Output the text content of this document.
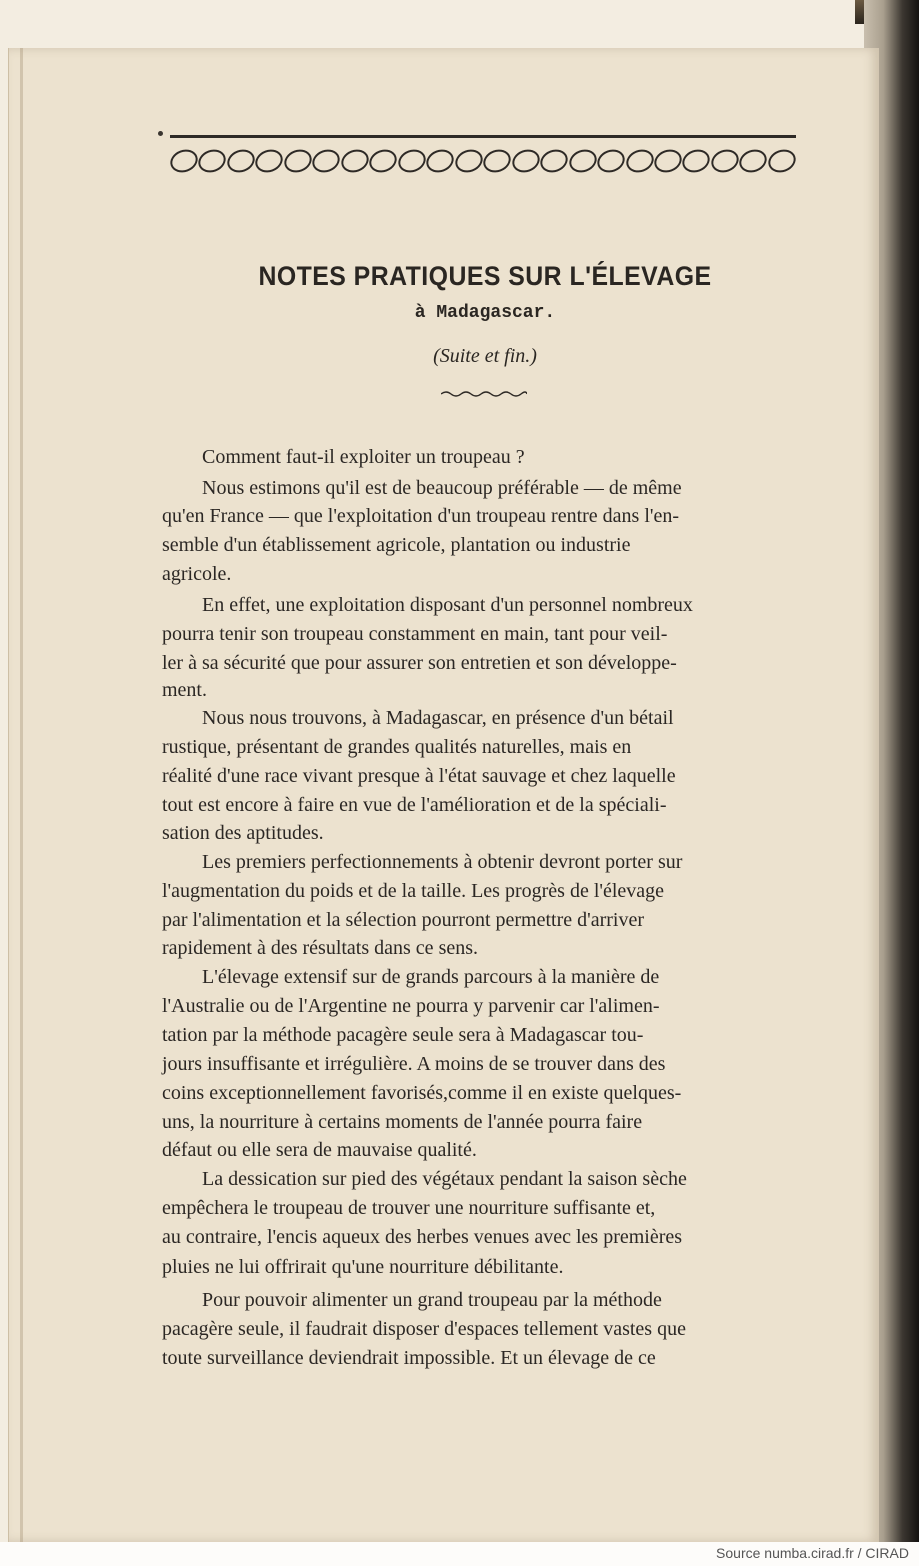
NOTES PRATIQUES SUR L'ÉLEVAGE
à Madagascar.
(Suite et fin.)
Comment faut-il exploiter un troupeau ?
Nous estimons qu'il est de beaucoup préférable — de même
qu'en France — que l'exploitation d'un troupeau rentre dans l'en-
semble d'un établissement agricole, plantation ou industrie
agricole.
En effet, une exploitation disposant d'un personnel nombreux
pourra tenir son troupeau constamment en main, tant pour veil-
ler à sa sécurité que pour assurer son entretien et son développe-
ment.
Nous nous trouvons, à Madagascar, en présence d'un bétail
rustique, présentant de grandes qualités naturelles, mais en
réalité d'une race vivant presque à l'état sauvage et chez laquelle
tout est encore à faire en vue de l'amélioration et de la spéciali-
sation des aptitudes.
Les premiers perfectionnements à obtenir devront porter sur
l'augmentation du poids et de la taille. Les progrès de l'élevage
par l'alimentation et la sélection pourront permettre d'arriver
rapidement à des résultats dans ce sens.
L'élevage extensif sur de grands parcours à la manière de
l'Australie ou de l'Argentine ne pourra y parvenir car l'alimen-
tation par la méthode pacagère seule sera à Madagascar tou-
jours insuffisante et irrégulière. A moins de se trouver dans des
coins exceptionnellement favorisés,comme il en existe quelques-
uns, la nourriture à certains moments de l'année pourra faire
défaut ou elle sera de mauvaise qualité.
La dessication sur pied des végétaux pendant la saison sèche
empêchera le troupeau de trouver une nourriture suffisante et,
au contraire, l'encis aqueux des herbes venues avec les premières
pluies ne lui offrirait qu'une nourriture débilitante.
Pour pouvoir alimenter un grand troupeau par la méthode
pacagère seule, il faudrait disposer d'espaces tellement vastes que
toute surveillance deviendrait impossible. Et un élevage de ce
Source numba.cirad.fr / CIRAD
